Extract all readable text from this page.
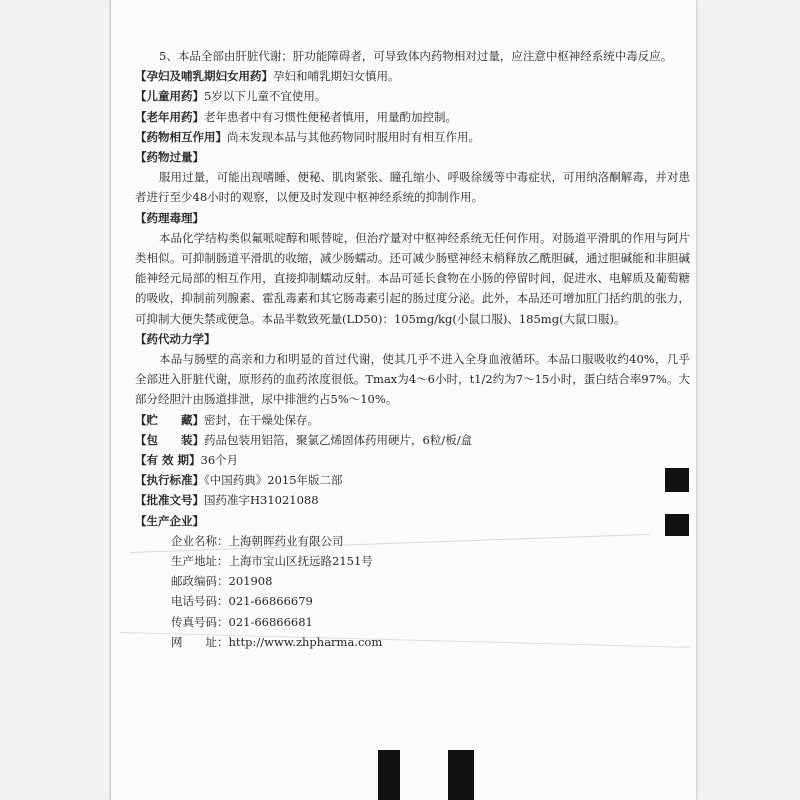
5、本品全部由肝脏代谢；肝功能障碍者，可导致体内药物相对过量，应注意中枢神经系统中毒反应。

【孕妇及哺乳期妇女用药】孕妇和哺乳期妇女慎用。

【儿童用药】5岁以下儿童不宜使用。

【老年用药】老年患者中有习惯性便秘者慎用，用量酌加控制。

【药物相互作用】尚未发现本品与其他药物同时服用时有相互作用。

【药物过量】

服用过量，可能出现嗜睡、便秘、肌肉紧张、瞳孔缩小、呼吸徐缓等中毒症状，可用纳洛酮解毒，并对患者进行至少48小时的观察，以便及时发现中枢神经系统的抑制作用。

【药理毒理】

本品化学结构类似氟哌啶醇和哌替啶，但治疗量对中枢神经系统无任何作用。对肠道平滑肌的作用与阿片类相似。可抑制肠道平滑肌的收缩，减少肠蠕动。还可减少肠壁神经末梢释放乙酰胆碱，通过胆碱能和非胆碱能神经元局部的相互作用，直接抑制蠕动反射。本品可延长食物在小肠的停留时间，促进水、电解质及葡萄糖的吸收，抑制前列腺素、霍乱毒素和其它肠毒素引起的肠过度分泌。此外，本品还可增加肛门括约肌的张力，可抑制大便失禁或便急。本品半数致死量(LD50)：105mg/kg(小鼠口服)、185mg(大鼠口服)。

【药代动力学】

本品与肠壁的高亲和力和明显的首过代谢，使其几乎不进入全身血液循环。本品口服吸收约40%，几乎全部进入肝脏代谢，原形药的血药浓度很低。Tmax为4～6小时，t1/2约为7～15小时，蛋白结合率97%。大部分经胆汁由肠道排泄，尿中排泄约占5%～10%。

【贮　　藏】密封，在干燥处保存。

【包　　装】药品包装用铝箔，聚氯乙烯固体药用硬片，6粒/板/盒

【有 效 期】36个月

【执行标准】《中国药典》2015年版二部

【批准文号】国药准字H31021088

【生产企业】

企业名称：上海朝晖药业有限公司
生产地址：上海市宝山区抚远路2151号
邮政编码：201908
电话号码：021-66866679
传真号码：021-66866681
网　　址：http://www.zhpharma.com
